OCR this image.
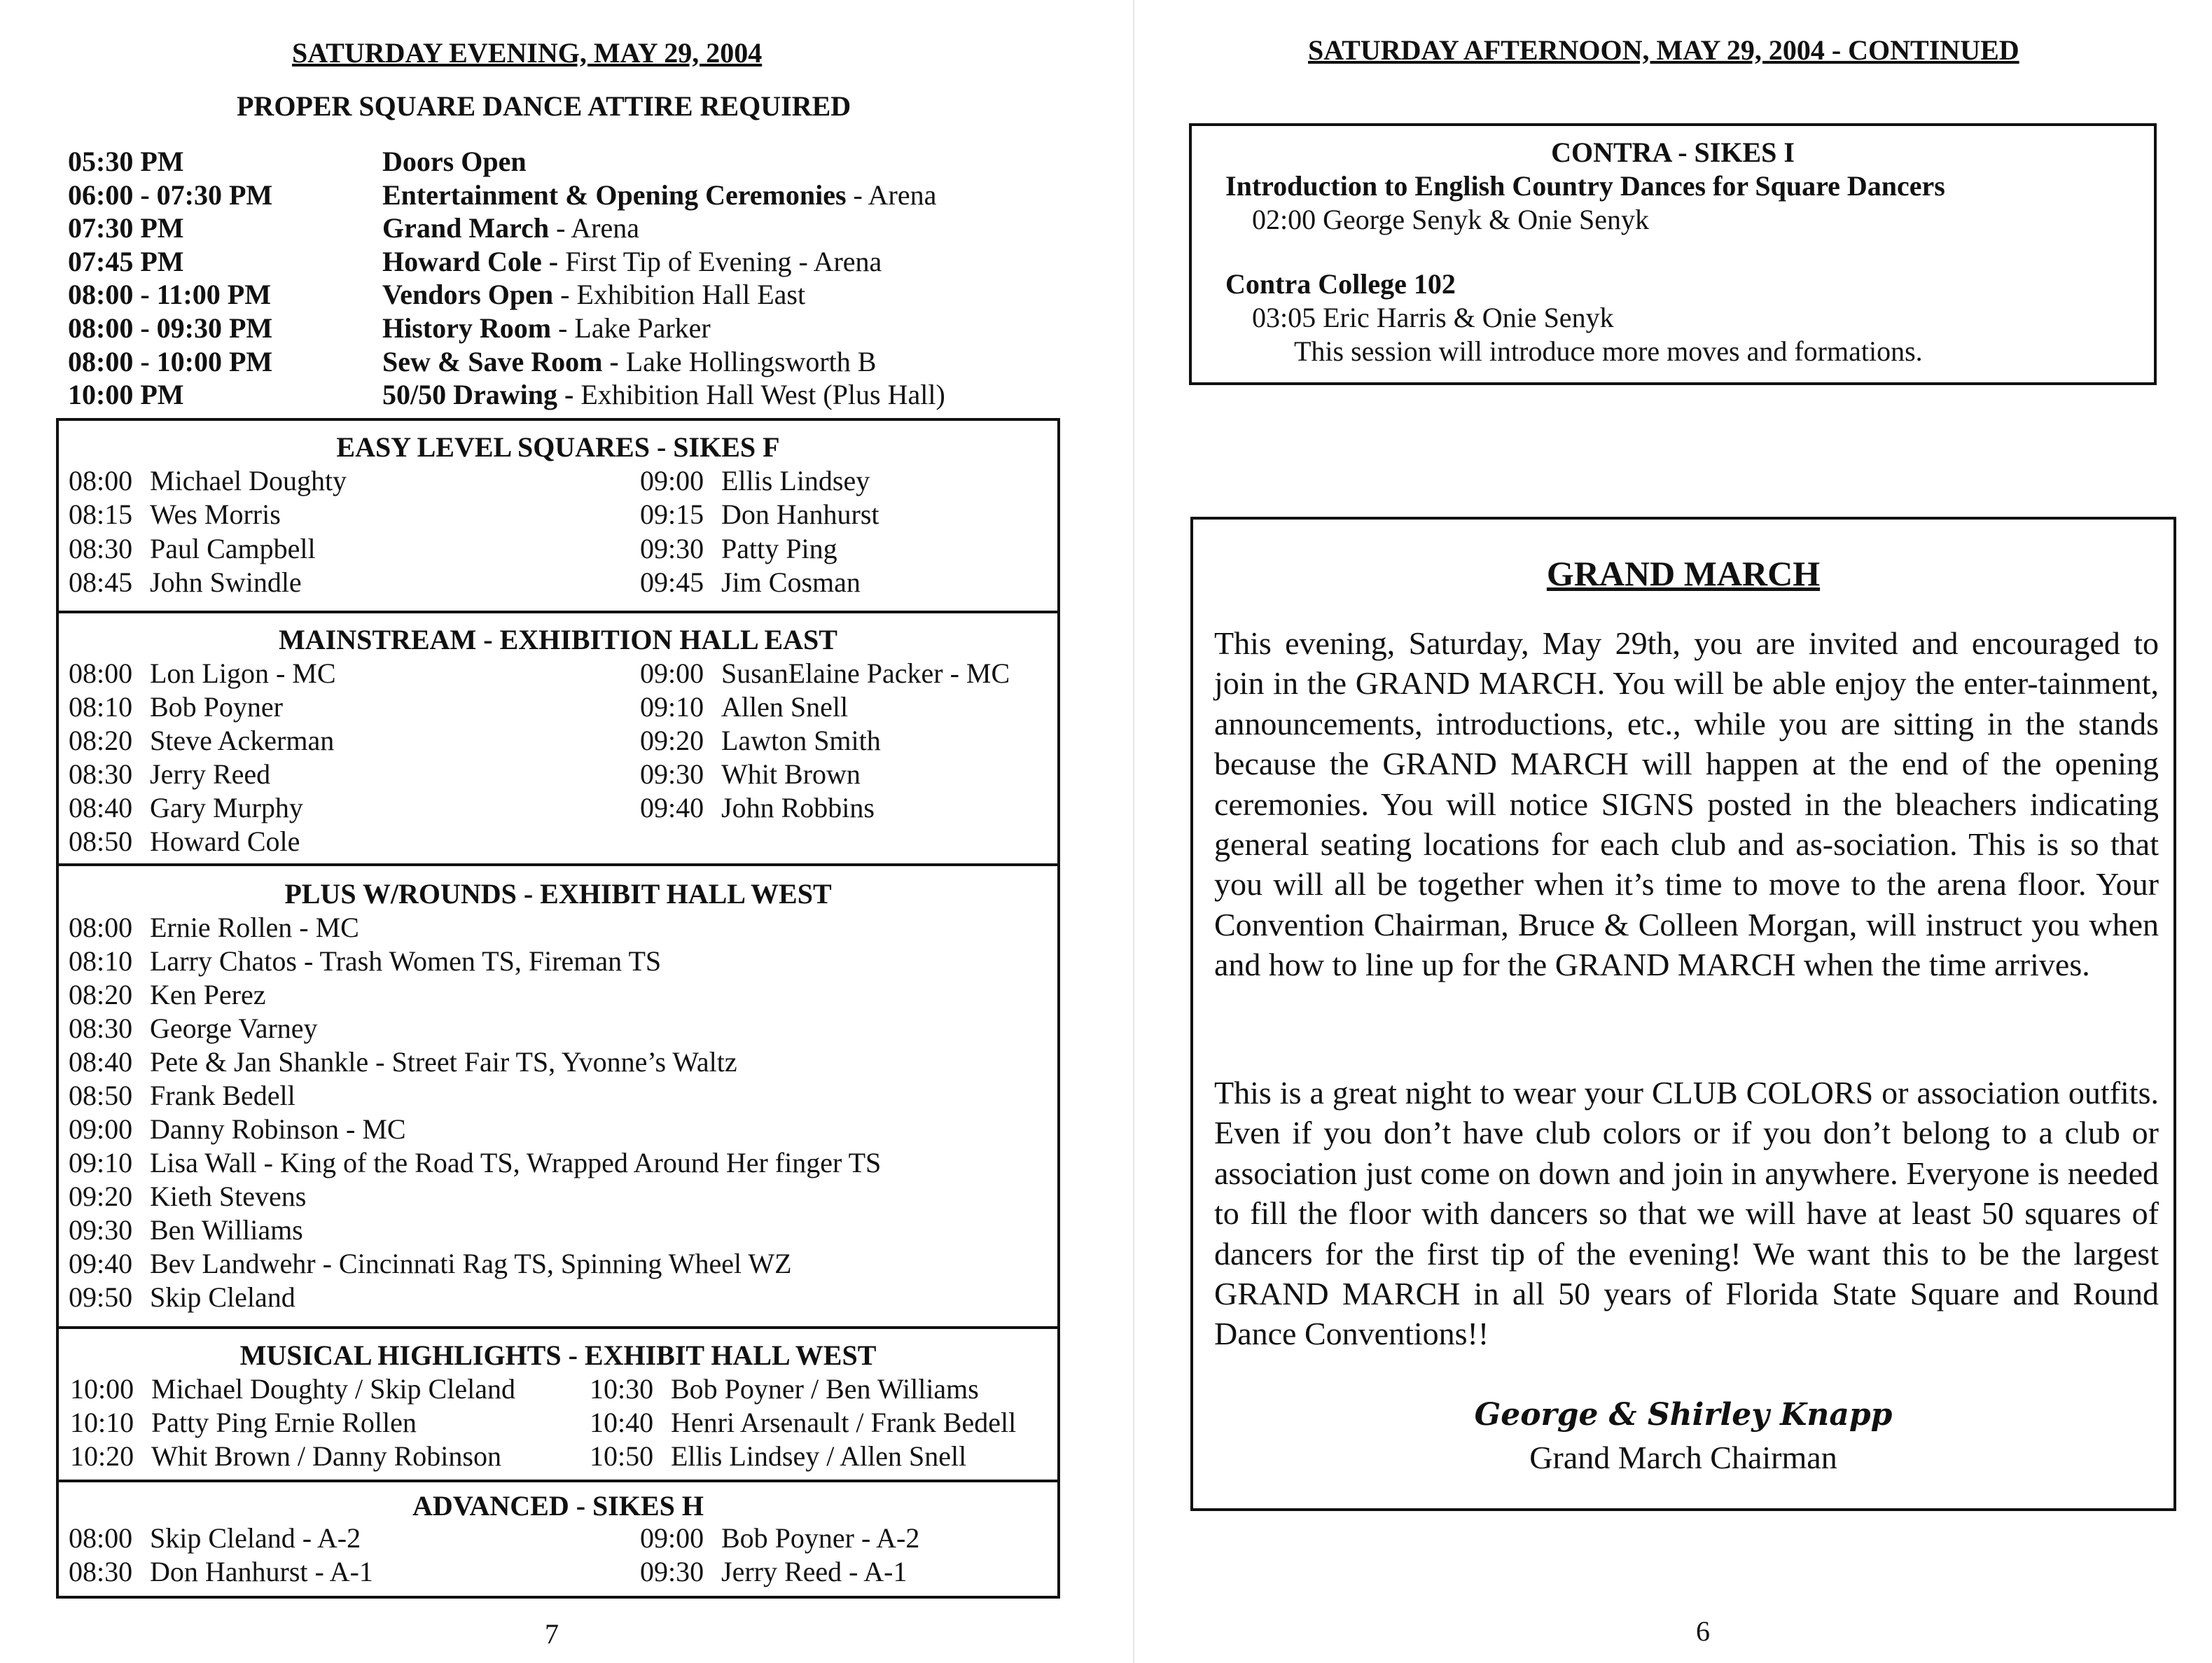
SATURDAY EVENING, MAY 29, 2004
PROPER SQUARE DANCE ATTIRE REQUIRED
05:30 PM	Doors Open
06:00 - 07:30 PM	Entertainment & Opening Ceremonies - Arena
07:30 PM	Grand March - Arena
07:45 PM	Howard Cole - First Tip of Evening - Arena
08:00 - 11:00 PM	Vendors Open - Exhibition Hall East
08:00 - 09:30 PM	History Room - Lake Parker
08:00 - 10:00 PM	Sew & Save Room - Lake Hollingsworth B
10:00 PM	50/50 Drawing - Exhibition Hall West (Plus Hall)
EASY LEVEL SQUARES - SIKES F
08:00 Michael Doughty
08:15 Wes Morris
08:30 Paul Campbell
08:45 John Swindle
09:00 Ellis Lindsey
09:15 Don Hanhurst
09:30 Patty Ping
09:45 Jim Cosman
MAINSTREAM - EXHIBITION HALL EAST
08:00 Lon Ligon - MC
08:10 Bob Poyner
08:20 Steve Ackerman
08:30 Jerry Reed
08:40 Gary Murphy
08:50 Howard Cole
09:00 SusanElaine Packer - MC
09:10 Allen Snell
09:20 Lawton Smith
09:30 Whit Brown
09:40 John Robbins
PLUS W/ROUNDS - EXHIBIT HALL WEST
08:00 Ernie Rollen - MC
08:10 Larry Chatos - Trash Women TS, Fireman TS
08:20 Ken Perez
08:30 George Varney
08:40 Pete & Jan Shankle - Street Fair TS, Yvonne’s Waltz
08:50 Frank Bedell
09:00 Danny Robinson - MC
09:10 Lisa Wall - King of the Road TS, Wrapped Around Her finger TS
09:20 Kieth Stevens
09:30 Ben Williams
09:40 Bev Landwehr - Cincinnati Rag TS, Spinning Wheel WZ
09:50 Skip Cleland
MUSICAL HIGHLIGHTS - EXHIBIT HALL WEST
10:00 Michael Doughty / Skip Cleland
10:10 Patty Ping Ernie Rollen
10:20 Whit Brown / Danny Robinson
10:30 Bob Poyner / Ben Williams
10:40 Henri Arsenault / Frank Bedell
10:50 Ellis Lindsey / Allen Snell
ADVANCED - SIKES H
08:00 Skip Cleland - A-2
08:30 Don Hanhurst - A-1
09:00 Bob Poyner - A-2
09:30 Jerry Reed - A-1
7
SATURDAY AFTERNOON, MAY 29, 2004 - CONTINUED
CONTRA - SIKES I
Introduction to English Country Dances for Square Dancers
02:00 George Senyk & Onie Senyk
Contra College 102
03:05 Eric Harris & Onie Senyk
This session will introduce more moves and formations.
GRAND MARCH
This evening, Saturday, May 29th, you are invited and encouraged to join in the GRAND MARCH. You will be able enjoy the enter-tainment, announcements, introductions, etc., while you are sitting in the stands because the GRAND MARCH will happen at the end of the opening ceremonies. You will notice SIGNS posted in the bleachers indicating general seating locations for each club and as-sociation. This is so that you will all be together when it’s time to move to the arena floor. Your Convention Chairman, Bruce & Colleen Morgan, will instruct you when and how to line up for the GRAND MARCH when the time arrives.
This is a great night to wear your CLUB COLORS or association outfits. Even if you don’t have club colors or if you don’t belong to a club or association just come on down and join in anywhere. Everyone is needed to fill the floor with dancers so that we will have at least 50 squares of dancers for the first tip of the evening! We want this to be the largest GRAND MARCH in all 50 years of Florida State Square and Round Dance Conventions!!
George & Shirley Knapp
Grand March Chairman
6
